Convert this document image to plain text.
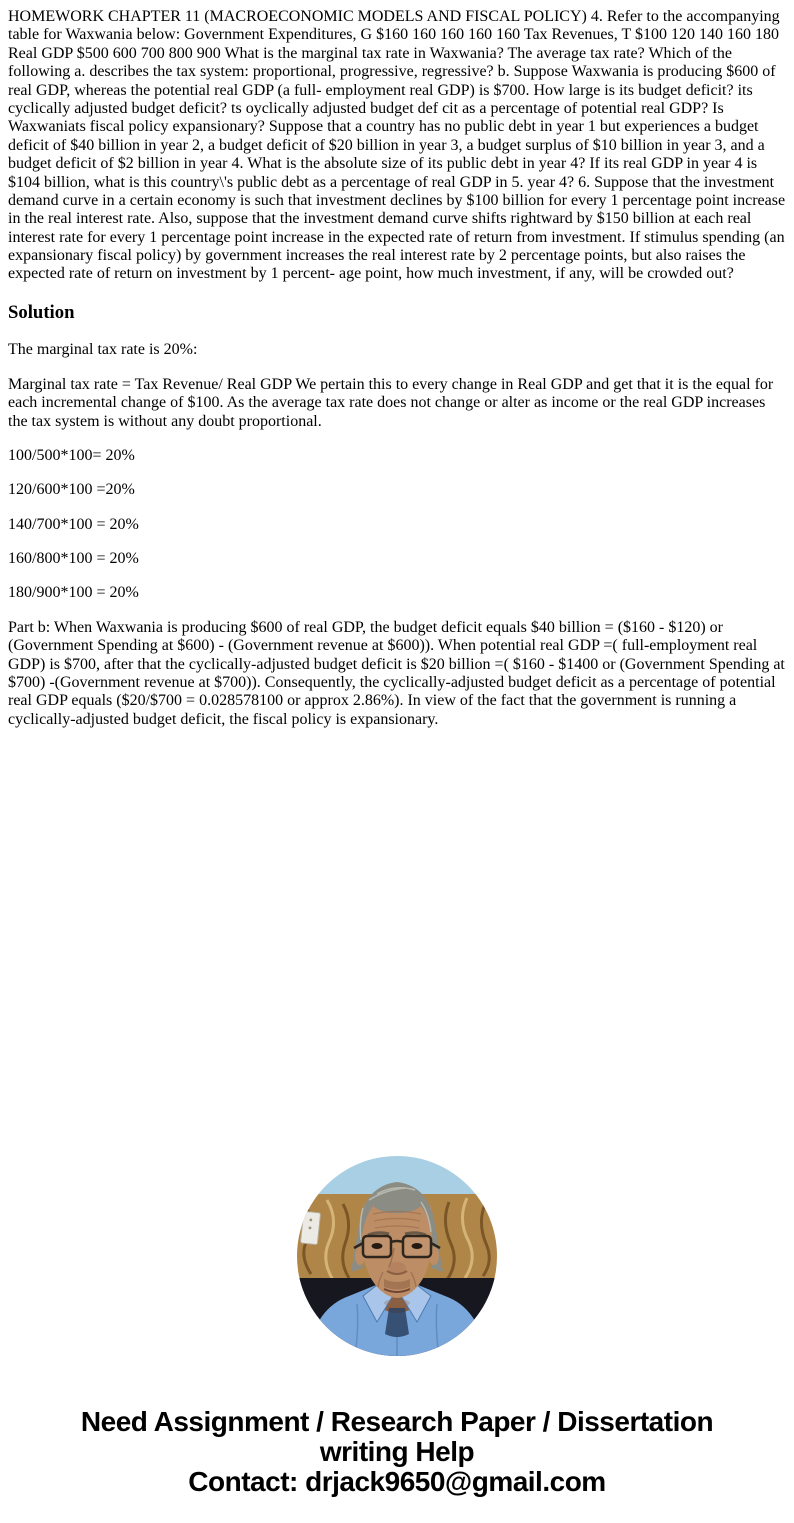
HOMEWORK CHAPTER 11 (MACROECONOMIC MODELS AND FISCAL POLICY) 4. Refer to the accompanying table for Waxwania below: Government Expenditures, G $160 160 160 160 160 Tax Revenues, T $100 120 140 160 180 Real GDP $500 600 700 800 900 What is the marginal tax rate in Waxwania? The average tax rate? Which of the following a. describes the tax system: proportional, progressive, regressive? b. Suppose Waxwania is producing $600 of real GDP, whereas the potential real GDP (a full- employment real GDP) is $700. How large is its budget deficit? its cyclically adjusted budget deficit? ts oyclically adjusted budget def cit as a percentage of potential real GDP? Is Waxwaniats fiscal policy expansionary? Suppose that a country has no public debt in year 1 but experiences a budget deficit of $40 billion in year 2, a budget deficit of $20 billion in year 3, a budget surplus of $10 billion in year 3, and a budget deficit of $2 billion in year 4. What is the absolute size of its public debt in year 4? If its real GDP in year 4 is $104 billion, what is this country\'s public debt as a percentage of real GDP in 5. year 4? 6. Suppose that the investment demand curve in a certain economy is such that investment declines by $100 billion for every 1 percentage point increase in the real interest rate. Also, suppose that the investment demand curve shifts rightward by $150 billion at each real interest rate for every 1 percentage point increase in the expected rate of return from investment. If stimulus spending (an expansionary fiscal policy) by government increases the real interest rate by 2 percentage points, but also raises the expected rate of return on investment by 1 percent- age point, how much investment, if any, will be crowded out?

Solution

The marginal tax rate is 20%:

Marginal tax rate = Tax Revenue/ Real GDP We pertain this to every change in Real GDP and get that it is the equal for each incremental change of $100. As the average tax rate does not change or alter as income or the real GDP increases the tax system is without any doubt proportional.

100/500*100= 20%

120/600*100 =20%

140/700*100 = 20%

160/800*100 = 20%

180/900*100 = 20%

Part b: When Waxwania is producing $600 of real GDP, the budget deficit equals $40 billion = ($160 - $120) or (Government Spending at $600) - (Government revenue at $600)). When potential real GDP =( full-employment real GDP) is $700, after that the cyclically-adjusted budget deficit is $20 billion =( $160 - $1400 or (Government Spending at $700) -(Government revenue at $700)). Consequently, the cyclically-adjusted budget deficit as a percentage of potential real GDP equals ($20/$700 = 0.028578100 or approx 2.86%). In view of the fact that the government is running a cyclically-adjusted budget deficit, the fiscal policy is expansionary.

Need Assignment / Research Paper / Dissertation
writing Help
Contact: drjack9650@gmail.com
